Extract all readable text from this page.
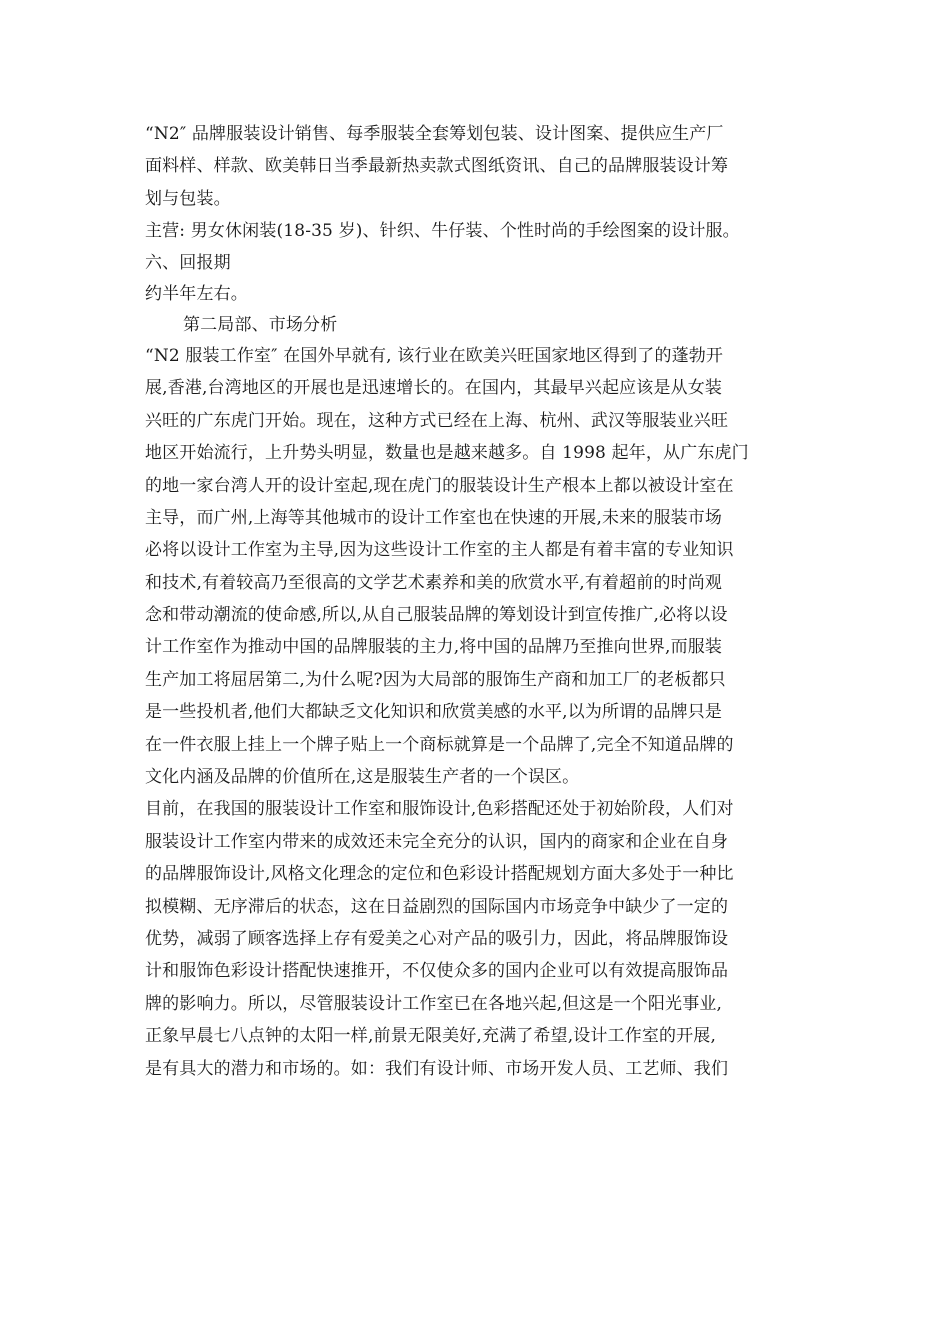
“N2″ 品牌服装设计销售、每季服装全套筹划包装、设计图案、提供应生产厂
面料样、样款、欧美韩日当季最新热卖款式图纸资讯、自己的品牌服装设计筹
划与包装。
主营: 男女休闲装(18-35 岁)、针织、牛仔装、个性时尚的手绘图案的设计服。
六、回报期
约半年左右。
第二局部、市场分析
“N2 服装工作室″ 在国外早就有, 该行业在欧美兴旺国家地区得到了的蓬勃开
展,香港,台湾地区的开展也是迅速增长的。在国内，其最早兴起应该是从女装
兴旺的广东虎门开始。现在，这种方式已经在上海、杭州、武汉等服装业兴旺
地区开始流行，上升势头明显，数量也是越来越多。自 1998 起年，从广东虎门
的地一家台湾人开的设计室起,现在虎门的服装设计生产根本上都以被设计室在
主导，而广州,上海等其他城市的设计工作室也在快速的开展,未来的服装市场
必将以设计工作室为主导,因为这些设计工作室的主人都是有着丰富的专业知识
和技术,有着较高乃至很高的文学艺术素养和美的欣赏水平,有着超前的时尚观
念和带动潮流的使命感,所以,从自己服装品牌的筹划设计到宣传推广,必将以设
计工作室作为推动中国的品牌服装的主力,将中国的品牌乃至推向世界,而服装
生产加工将屈居第二,为什么呢?因为大局部的服饰生产商和加工厂的老板都只
是一些投机者,他们大都缺乏文化知识和欣赏美感的水平,以为所谓的品牌只是
在一件衣服上挂上一个牌子贴上一个商标就算是一个品牌了,完全不知道品牌的
文化内涵及品牌的价值所在,这是服装生产者的一个误区。
目前，在我国的服装设计工作室和服饰设计,色彩搭配还处于初始阶段，人们对
服装设计工作室内带来的成效还未完全充分的认识，国内的商家和企业在自身
的品牌服饰设计,风格文化理念的定位和色彩设计搭配规划方面大多处于一种比
拟模糊、无序滞后的状态，这在日益剧烈的国际国内市场竞争中缺少了一定的
优势，减弱了顾客选择上存有爱美之心对产品的吸引力，因此，将品牌服饰设
计和服饰色彩设计搭配快速推开，不仅使众多的国内企业可以有效提高服饰品
牌的影响力。所以，尽管服装设计工作室已在各地兴起,但这是一个阳光事业,
正象早晨七八点钟的太阳一样,前景无限美好,充满了希望,设计工作室的开展,
是有具大的潜力和市场的。如：我们有设计师、市场开发人员、工艺师、我们
